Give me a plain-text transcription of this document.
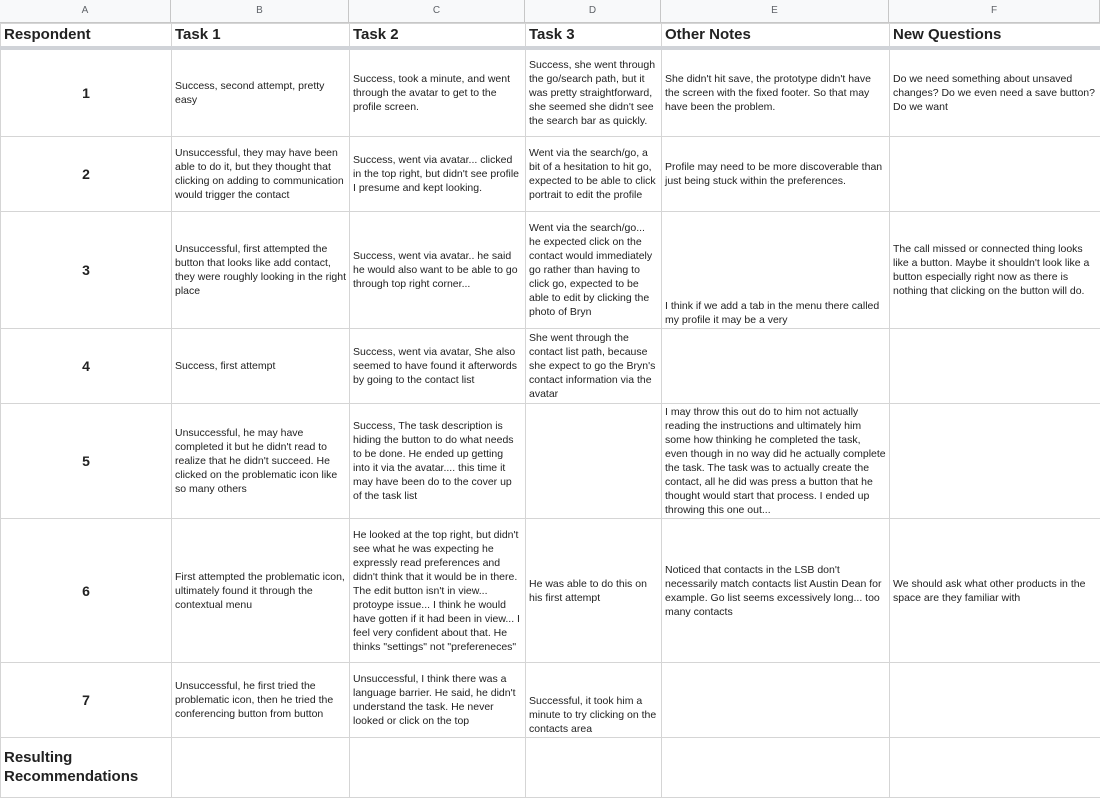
A	B	C	D	E	F
Respondent	Task 1	Task 2	Task 3	Other Notes	New Questions
1	Success, second attempt, pretty easy	Success, took a minute, and went through the avatar to get to the profile screen.	Success, she went through the go/search path, but it was pretty straightforward, she seemed she didn't see the search bar as quickly.	She didn't hit save, the prototype didn't have the screen with the fixed footer. So that may have been the problem.	Do we need something about unsaved changes? Do we even need a save button? Do we want
2	Unsuccessful, they may have been able to do it, but they thought that clicking on adding to communication would trigger the contact	Success, went via avatar... clicked in the top right, but didn't see profile I presume and kept looking.	Went via the search/go, a bit of a hesitation to hit go, expected to be able to click portrait to edit the profile	Profile may need to be more discoverable than just being stuck within the preferences.	
3	Unsuccessful, first attempted the button that looks like add contact, they were roughly looking in the right place	Success, went via avatar.. he said he would also want to be able to go through top right corner...	Went via the search/go... he expected click on the contact would immediately go rather than having to click go, expected to be able to edit by clicking the photo of Bryn	I think if we add a tab in the menu there called my profile it may be a very	The call missed or connected thing looks like a button. Maybe it shouldn't look like a button especially right now as there is nothing that clicking on the button will do.
4	Success, first attempt	Success, went via avatar, She also seemed to have found it afterwords by going to the contact list	She went through the contact list path, because she expect to go the Bryn's contact information via the avatar		
5	Unsuccessful, he may have completed it but he didn't read to realize that he didn't succeed. He clicked on the problematic icon like so many others	Success, The task description is hiding the button to do what needs to be done. He ended up getting into it via the avatar.... this time it may have been do to the cover up of the task list		I may throw this out do to him not actually reading the instructions and ultimately him some how thinking he completed the task, even though in no way did he actually complete the task. The task was to actually create the contact, all he did was press a button that he thought would start that process. I ended up throwing this one out...	
6	First attempted the problematic icon, ultimately found it through the contextual menu	He looked at the top right, but didn't see what he was expecting he expressly read preferences and didn't think that it would be in there. The edit button isn't in view... protoype issue... I think he would have gotten if it had been in view... I feel very confident about that. He thinks "settings" not "prefereneces"	He was able to do this on his first attempt	Noticed that contacts in the LSB don't necessarily match contacts list Austin Dean for example. Go list seems excessively long... too many contacts	We should ask what other products in the space are they familiar with
7	Unsuccessful, he first tried the problematic icon, then he tried the conferencing button from button	Unsuccessful, I think there was a language barrier. He said, he didn't understand the task. He never looked or click on the top	Successful, it took him a minute to try clicking on the contacts area		

Resulting Recommendations					
